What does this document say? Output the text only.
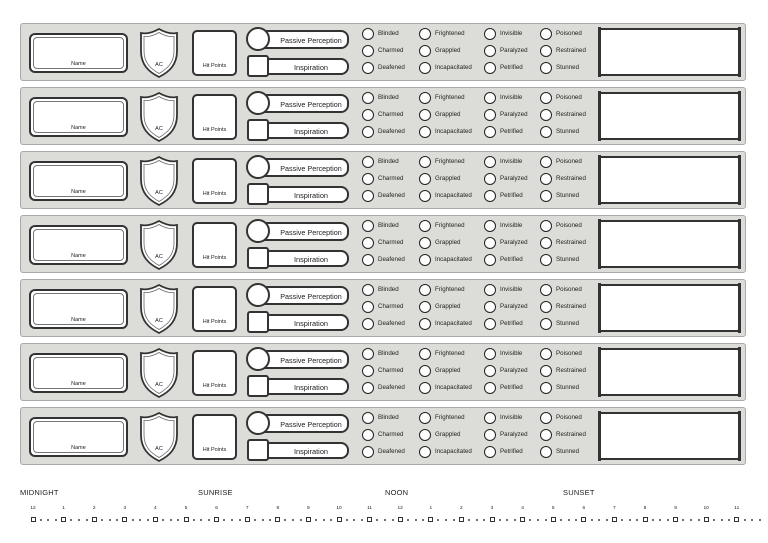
Name	AC	Hit Points
Passive Perception
Inspiration
Blinded	Frightened	Invisible	Poisoned
Charmed	Grappled	Paralyzed	Restrained
Deafened	Incapacitated	Petrified	Stunned
Name	AC	Hit Points
Passive Perception
Inspiration
Blinded	Frightened	Invisible	Poisoned
Charmed	Grappled	Paralyzed	Restrained
Deafened	Incapacitated	Petrified	Stunned
Name	AC	Hit Points
Passive Perception
Inspiration
Blinded	Frightened	Invisible	Poisoned
Charmed	Grappled	Paralyzed	Restrained
Deafened	Incapacitated	Petrified	Stunned
Name	AC	Hit Points
Passive Perception
Inspiration
Blinded	Frightened	Invisible	Poisoned
Charmed	Grappled	Paralyzed	Restrained
Deafened	Incapacitated	Petrified	Stunned
Name	AC	Hit Points
Passive Perception
Inspiration
Blinded	Frightened	Invisible	Poisoned
Charmed	Grappled	Paralyzed	Restrained
Deafened	Incapacitated	Petrified	Stunned
Name	AC	Hit Points
Passive Perception
Inspiration
Blinded	Frightened	Invisible	Poisoned
Charmed	Grappled	Paralyzed	Restrained
Deafened	Incapacitated	Petrified	Stunned
Name	AC	Hit Points
Passive Perception
Inspiration
Blinded	Frightened	Invisible	Poisoned
Charmed	Grappled	Paralyzed	Restrained
Deafened	Incapacitated	Petrified	Stunned
MIDNIGHT	SUNRISE	NOON	SUNSET
12	1	2	3	4	5	6	7	8	9	10	11	12	1	2	3	4	5	6	7	8	9	10	11
